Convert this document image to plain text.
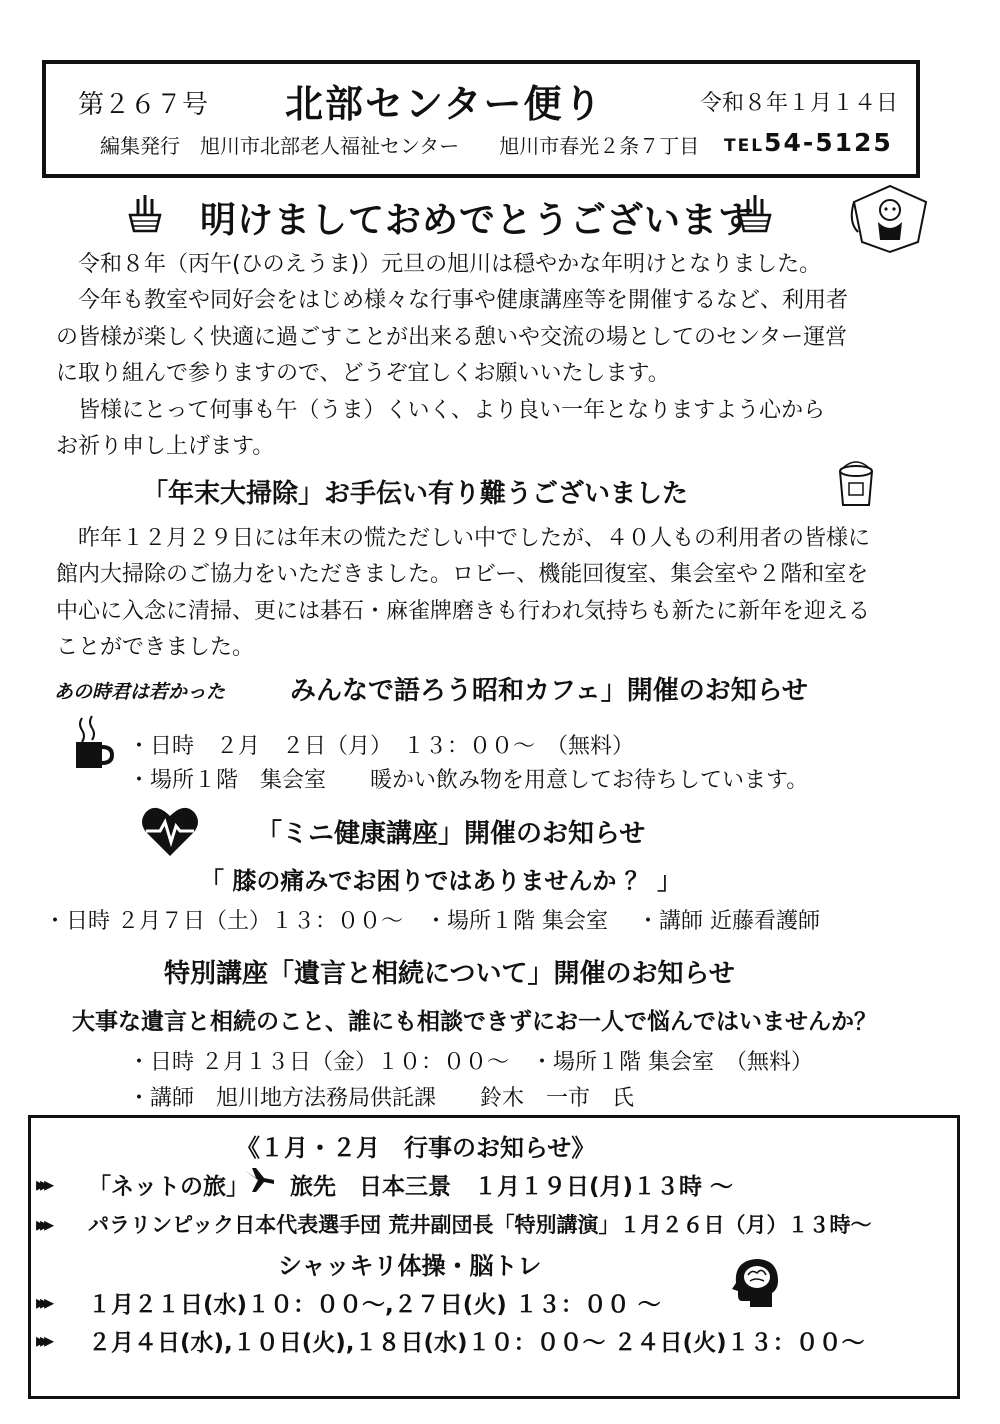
第２６７号 北部センター便り	令和８年１月１４日
編集発行　旭川市北部老人福祉センター　　旭川市春光２条７丁目 TEL54-5125
明けましておめでとうございます
令和８年（丙午(ひのえうま)）元旦の旭川は穏やかな年明けとなりました。
今年も教室や同好会をはじめ様々な行事や健康講座等を開催するなど、利用者
の皆様が楽しく快適に過ごすことが出来る憩いや交流の場としてのセンター運営
に取り組んで参りますので、どうぞ宜しくお願いいたします。
皆様にとって何事も午（うま）くいく、より良い一年となりますよう心から
お祈り申し上げます。
「年末大掃除」お手伝い有り難うございました
昨年１２月２９日には年末の慌ただしい中でしたが、４０人もの利用者の皆様に
館内大掃除のご協力をいただきました。ロビー、機能回復室、集会室や２階和室を
中心に入念に清掃、更には碁石・麻雀牌磨きも行われ気持ちも新たに新年を迎える
ことができました。
あの時君は若かった みんなで語ろう昭和カフェ」開催のお知らせ
・日時　２月　２日（月）　１３：００～　（無料）
・場所１階　集会室　　暖かい飲み物を用意してお待ちしています。
「ミニ健康講座」開催のお知らせ
「 膝の痛みでお困りではありませんか ？ 」
・日時 ２月７日（土）１３：００～　・場所１階 集会室　 ・講師 近藤看護師
特別講座「遺言と相続について」開催のお知らせ
大事な遺言と相続のこと、誰にも相談できずにお一人で悩んではいませんか？
・日時 ２月１３日（金）１０：００～　・場所１階 集会室　（無料）
・講師　旭川地方法務局供託課　　鈴木　一市　氏
《１月・２月　行事のお知らせ》
▸▸▸ 「ネットの旅」 旅先　日本三景　１月１９日(月)１３時 ～
▸▸▸ パラリンピック日本代表選手団 荒井副団長「特別講演」１月２６日（月）１３時～
シャッキリ体操・脳トレ
▸▸▸ １月２１日(水)１０：００～,２７日(火) １３：００ ～
▸▸▸ ２月４日(水),１０日(火),１８日(水)１０：００～ ２４日(火)１３：００～
